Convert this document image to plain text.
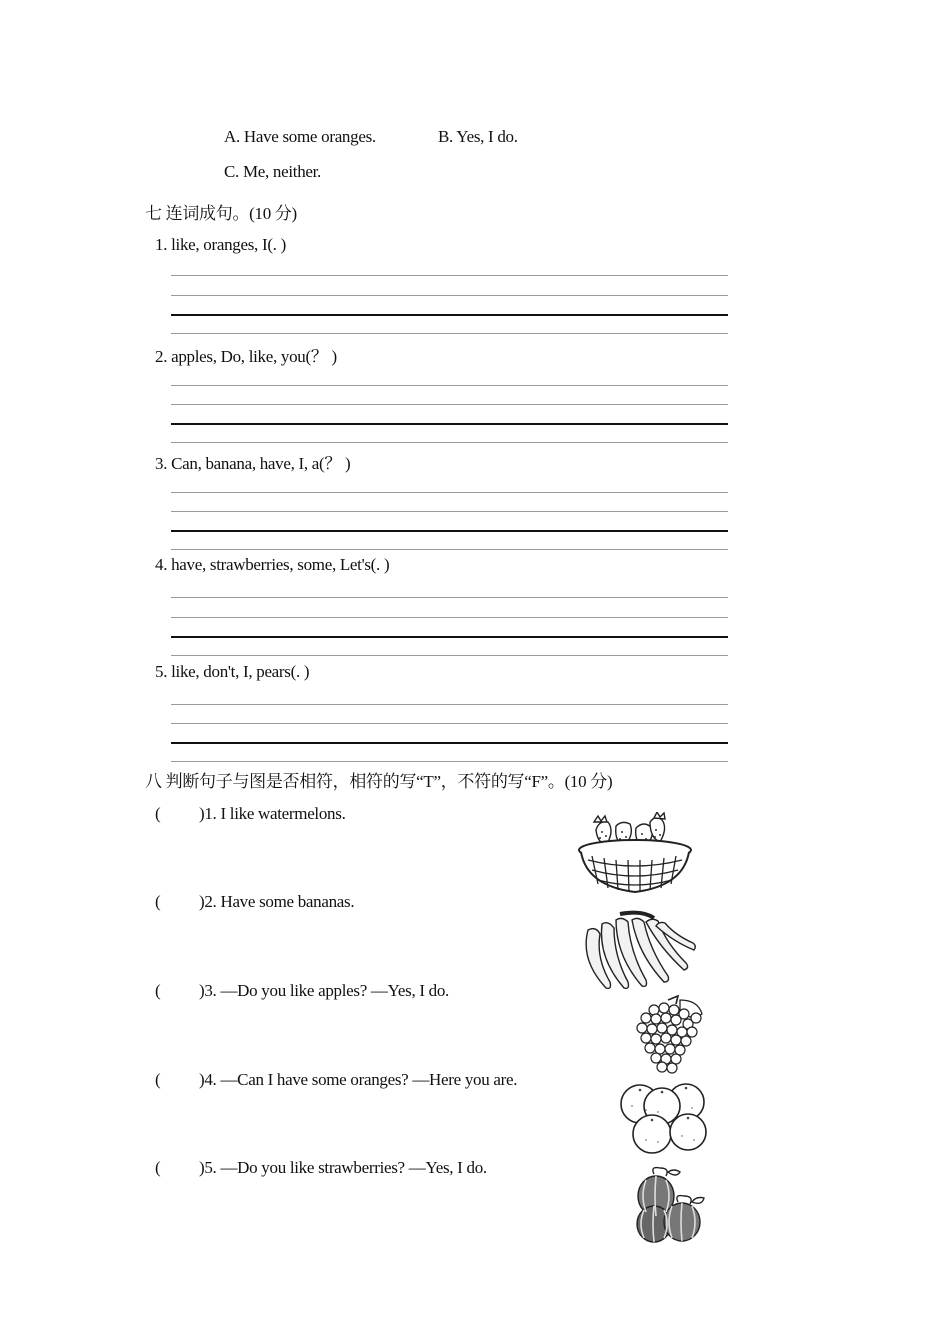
A. Have some oranges.	B. Yes, I do.
C. Me, neither.
七 连词成句。(10 分)
1. like, oranges, I(. )
2. apples, Do, like, you(？ )
3. Can, banana, have, I, a(？ )
4. have, strawberries, some, Let's(. )
5. like, don't, I, pears(. )
八 判断句子与图是否相符，相符的写“T”，不符的写“F”。(10 分)
( )1. I like watermelons.
( )2. Have some bananas.
( )3. —Do you like apples? —Yes, I do.
( )4. —Can I have some oranges? —Here you are.
( )5. —Do you like strawberries? —Yes, I do.
